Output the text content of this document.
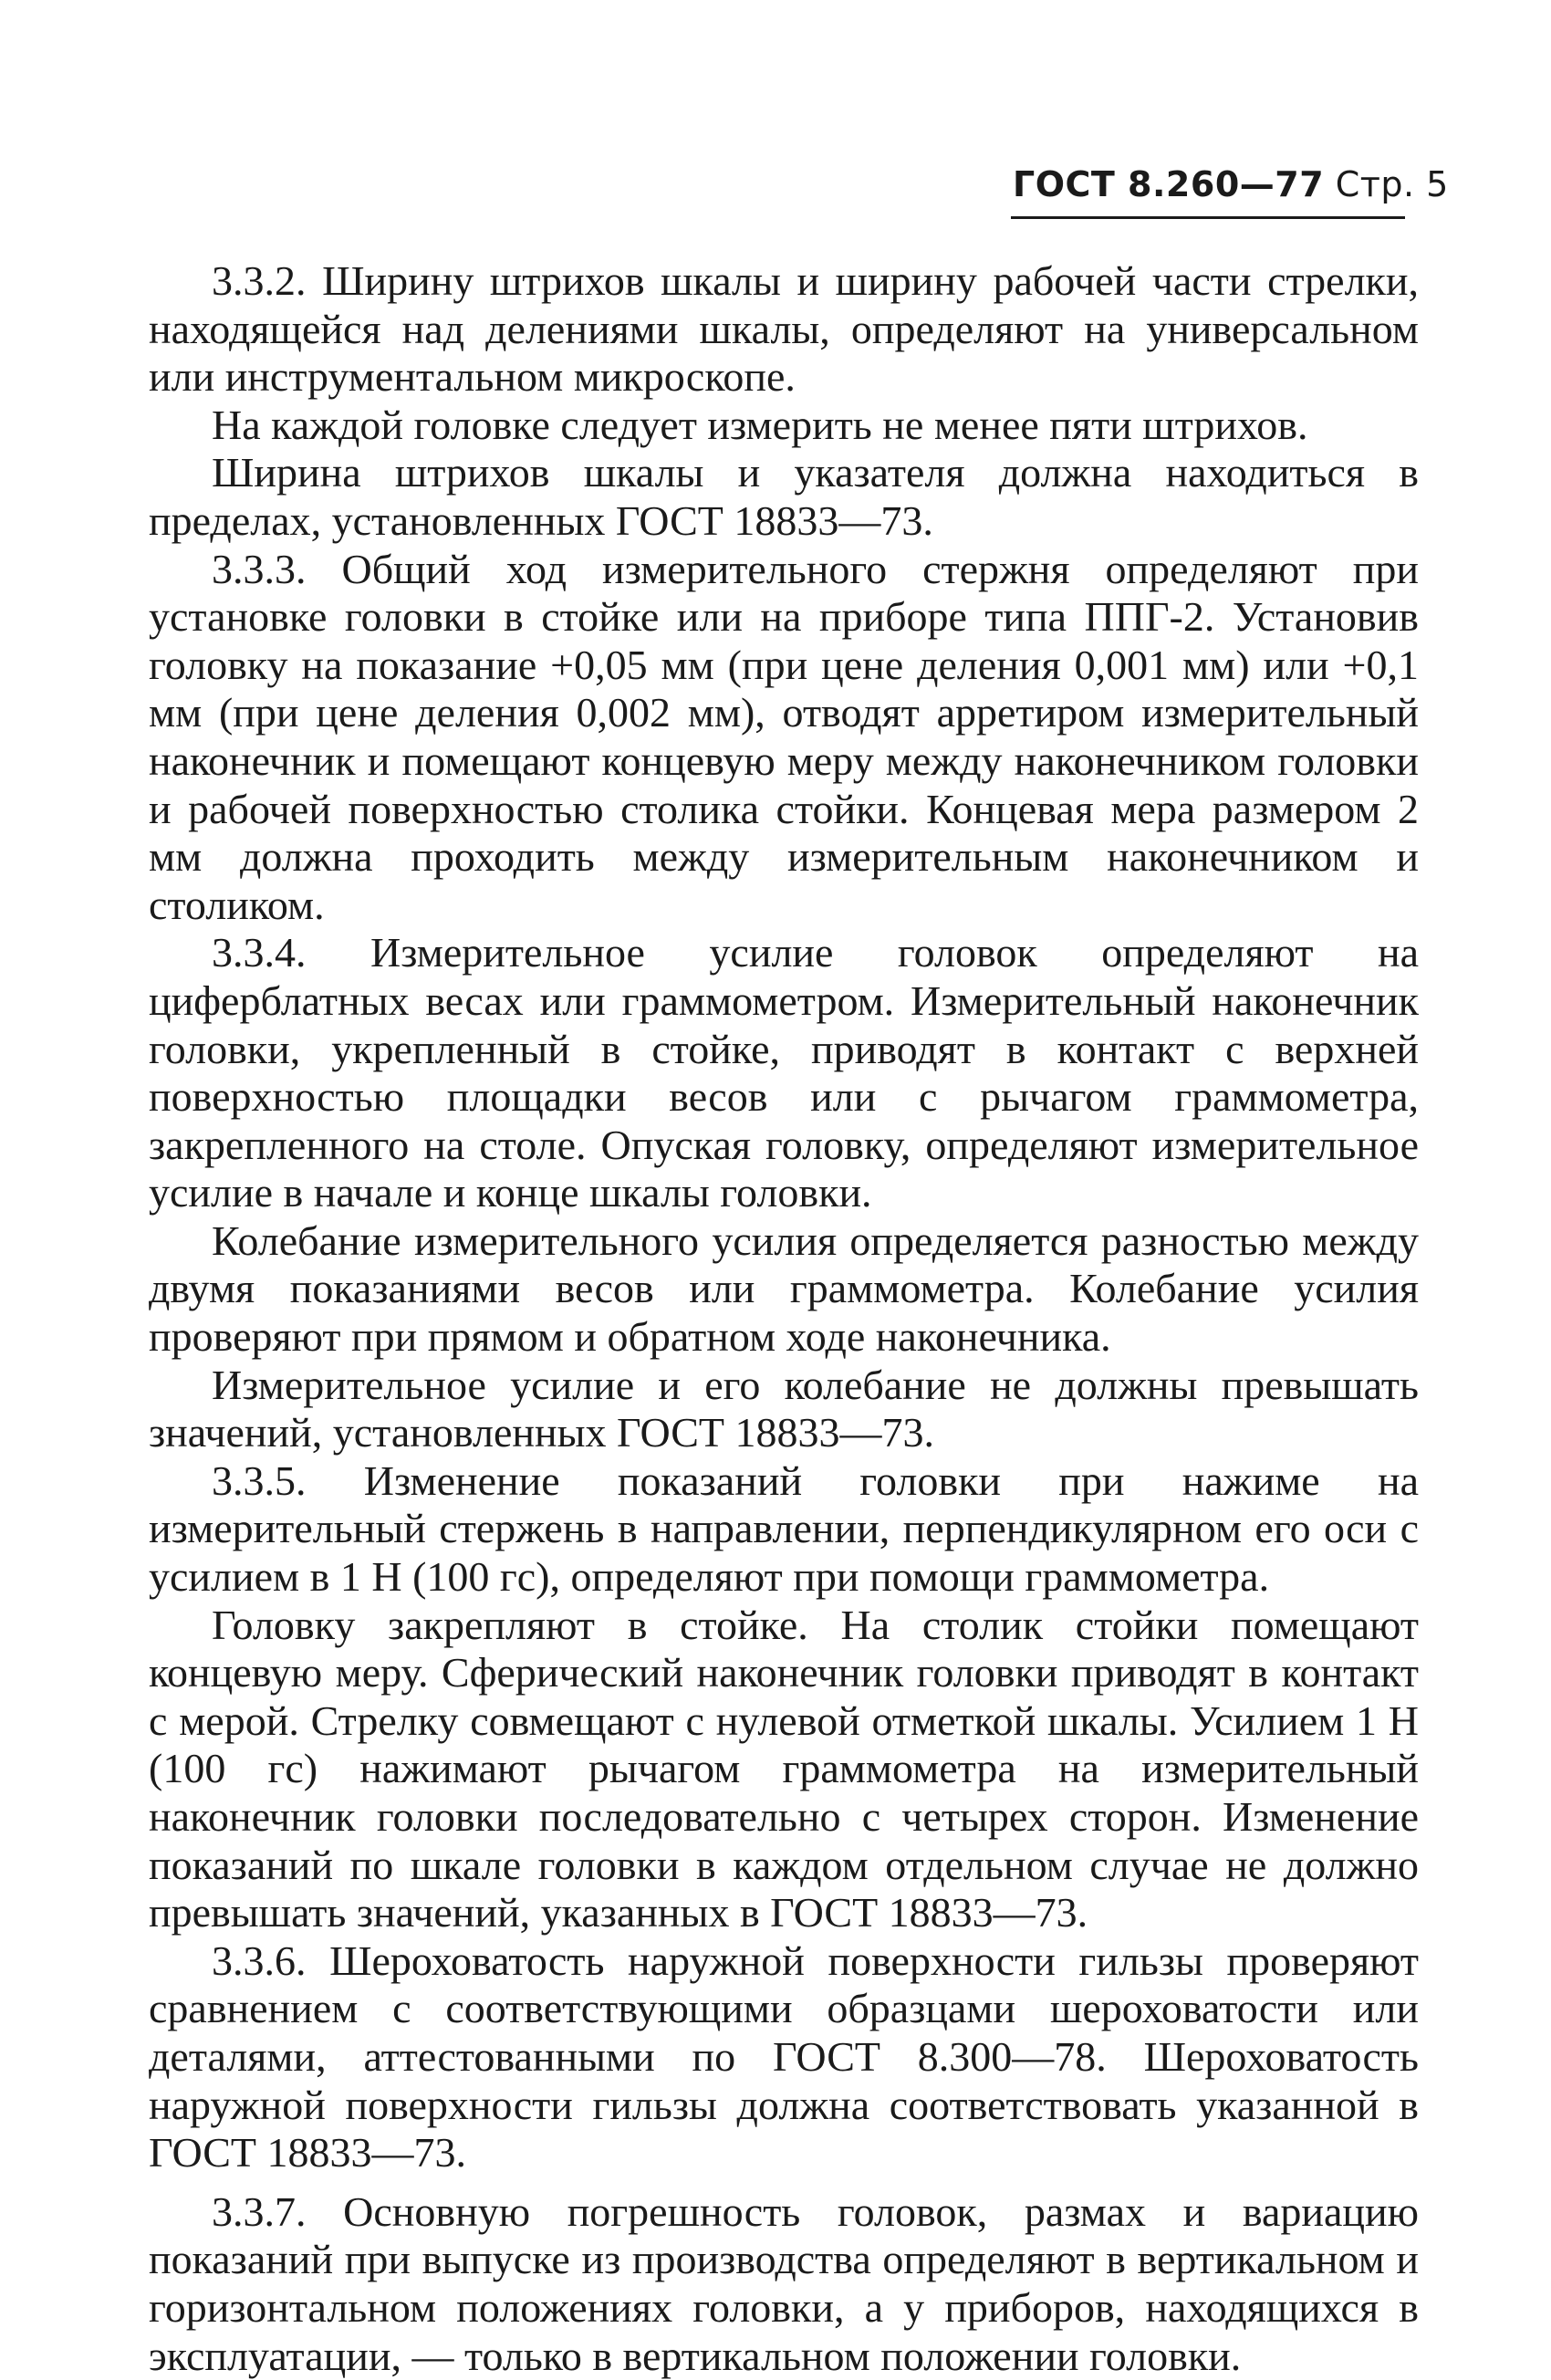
ГОСТ 8.260—77 Стр. 5

3.3.2. Ширину штрихов шкалы и ширину рабочей части стрелки, находящейся над делениями шкалы, определяют на универсальном или инструментальном микроскопе.

На каждой головке следует измерить не менее пяти штрихов.

Ширина штрихов шкалы и указателя должна находиться в пределах, установленных ГОСТ 18833—73.

3.3.3. Общий ход измерительного стержня определяют при установке головки в стойке или на приборе типа ППГ-2. Установив головку на показание +0,05 мм (при цене деления 0,001 мм) или +0,1 мм (при цене деления 0,002 мм), отводят арретиром измерительный наконечник и помещают концевую меру между наконечником головки и рабочей поверхностью столика стойки. Концевая мера размером 2 мм должна проходить между измерительным наконечником и столиком.

3.3.4. Измерительное усилие головок определяют на циферблатных весах или граммометром. Измерительный наконечник головки, укрепленный в стойке, приводят в контакт с верхней поверхностью площадки весов или с рычагом граммометра, закрепленного на столе. Опуская головку, определяют измерительное усилие в начале и конце шкалы головки.

Колебание измерительного усилия определяется разностью между двумя показаниями весов или граммометра. Колебание усилия проверяют при прямом и обратном ходе наконечника.

Измерительное усилие и его колебание не должны превышать значений, установленных ГОСТ 18833—73.

3.3.5. Изменение показаний головки при нажиме на измерительный стержень в направлении, перпендикулярном его оси с усилием в 1 Н (100 гс), определяют при помощи граммометра.

Головку закрепляют в стойке. На столик стойки помещают концевую меру. Сферический наконечник головки приводят в контакт с мерой. Стрелку совмещают с нулевой отметкой шкалы. Усилием 1 Н (100 гс) нажимают рычагом граммометра на измерительный наконечник головки последовательно с четырех сторон. Изменение показаний по шкале головки в каждом отдельном случае не должно превышать значений, указанных в ГОСТ 18833—73.

3.3.6. Шероховатость наружной поверхности гильзы проверяют сравнением с соответствующими образцами шероховатости или деталями, аттестованными по ГОСТ 8.300—78. Шероховатость наружной поверхности гильзы должна соответствовать указанной в ГОСТ 18833—73.

3.3.7. Основную погрешность головок, размах и вариацию показаний при выпуске из производства определяют в вертикальном и горизонтальном положениях головки, а у приборов, находящихся в эксплуатации, — только в вертикальном положении головки.
